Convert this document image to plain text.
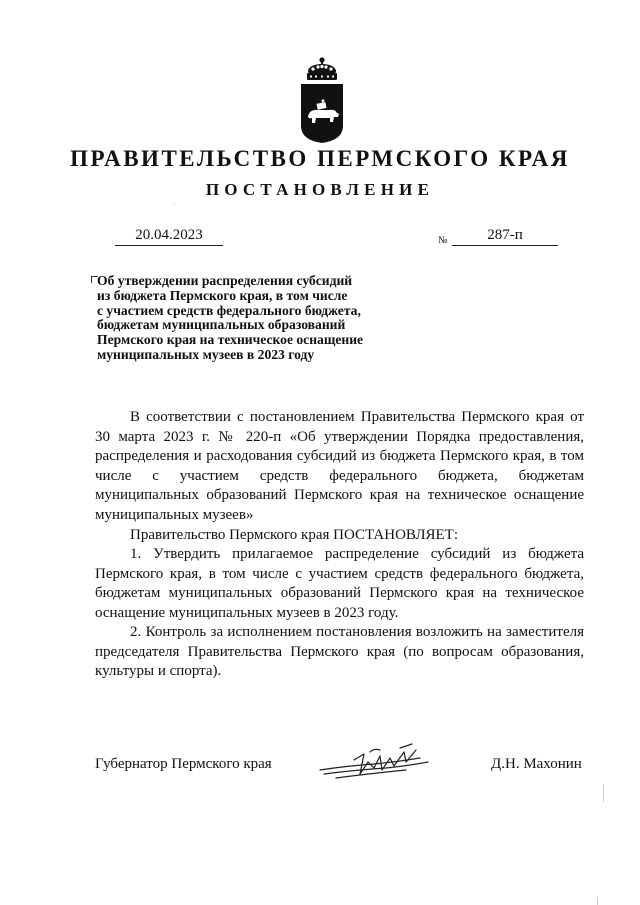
ПРАВИТЕЛЬСТВО ПЕРМСКОГО КРАЯ
ПОСТАНОВЛЕНИЕ
20.04.2023	№	287-п
Об утверждении распределения субсидий
из бюджета Пермского края, в том числе
с участием средств федерального бюджета,
бюджетам муниципальных образований
Пермского края на техническое оснащение
муниципальных музеев в 2023 году

В соответствии с постановлением Правительства Пермского края от 30 марта 2023 г. № 220-п «Об утверждении Порядка предоставления, распределения и расходования субсидий из бюджета Пермского края, в том числе с участием средств федерального бюджета, бюджетам муниципальных образований Пермского края на техническое оснащение муниципальных музеев»

Правительство Пермского края ПОСТАНОВЛЯЕТ:

1. Утвердить прилагаемое распределение субсидий из бюджета Пермского края, в том числе с участием средств федерального бюджета, бюджетам муниципальных образований Пермского края на техническое оснащение муниципальных музеев в 2023 году.

2. Контроль за исполнением постановления возложить на заместителя председателя Правительства Пермского края (по вопросам образования, культуры и спорта).

Губернатор Пермского края	Д.Н. Махонин
